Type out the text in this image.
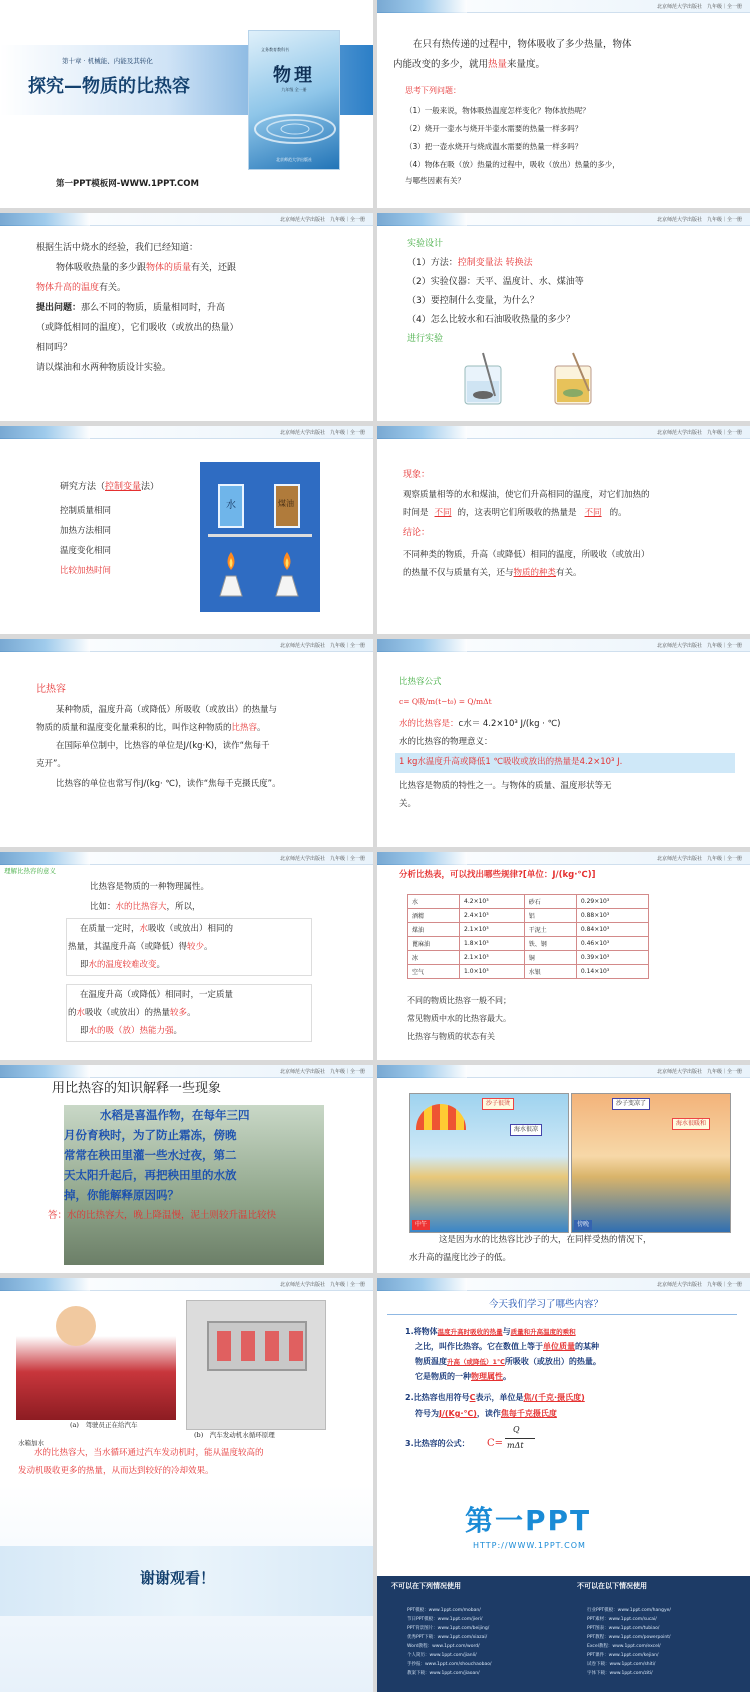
第十章 · 机械能、内能及其转化
探究—物质的比热容
义务教育教科书
物理
九年级 全一册
北京师范大学出版社
第一PPT模板网-WWW.1PPT.COM
北京师范大学出版社　九年级｜全一册
在只有热传递的过程中，物体吸收了多少热量，物体
内能改变的多少，就用热量来量度。
思考下列问题：
（1）一般来说，物体吸热温度怎样变化？物体放热呢？
（2）烧开一壶水与烧开半壶水需要的热量一样多吗？
（3）把一壶水烧开与烧成温水需要的热量一样多吗？
（4）物体在吸（放）热量的过程中，吸收（放出）热量的多少，
与哪些因素有关？
北京师范大学出版社　九年级｜全一册
根据生活中烧水的经验，我们已经知道：
物体吸收热量的多少跟物体的质量有关，还跟
物体升高的温度有关。
提出问题：那么不同的物质，质量相同时，升高
（或降低相同的温度），它们吸收（或放出的热量）
相同吗？
请以煤油和水两种物质设计实验。
北京师范大学出版社　九年级｜全一册
实验设计
（1）方法：控制变量法 转换法
（2）实验仪器：天平、温度计、水、煤油等
（3）要控制什么变量，为什么？
（4）怎么比较水和石油吸收热量的多少？
进行实验
北京师范大学出版社　九年级｜全一册
研究方法（控制变量法）
控制质量相同
加热方法相同
温度变化相同
比较加热时间
水	煤油
北京师范大学出版社　九年级｜全一册
现象：
观察质量相等的水和煤油，使它们升高相同的温度，对它们加热的
时间是 不同 的，这表明它们所吸收的热量是 不同 的。
结论：
不同种类的物质，升高（或降低）相同的温度，所吸收（或放出）
的热量不仅与质量有关，还与物质的种类有关。
北京师范大学出版社　九年级｜全一册
比热容
某种物质，温度升高（或降低）所吸收（或放出）的热量与
物质的质量和温度变化量乘积的比，叫作这种物质的比热容。
在国际单位制中，比热容的单位是J/(kg·K)，读作“焦每千
克开”。
比热容的单位也常写作J/(kg· ℃)，读作“焦每千克摄氏度”。
北京师范大学出版社　九年级｜全一册
比热容公式
c= Q吸/m(t−t₀) = Q/mΔt
水的比热容是：c水＝ 4.2×10³ J/(kg · ℃)
水的比热容的物理意义：
1 kg水温度升高或降低1 ℃吸收或放出的热量是4.2×10³ J.
比热容是物质的特性之一。与物体的质量、温度形状等无
关。
北京师范大学出版社　九年级｜全一册
理解比热容的意义
比热容是物质的一种物理属性。
比如：水的比热容大，所以，
在质量一定时，水吸收（或放出）相同的
热量，其温度升高（或降低）得较少。
即水的温度较难改变。
在温度升高（或降低）相同时，一定质量
的水吸收（或放出）的热量较多。
即水的吸（放）热能力强。
北京师范大学出版社　九年级｜全一册
分析比热表，可以找出哪些规律?[单位：J/(kg·℃)]
水	4.2×10³	砂石	0.29×10³
酒精	2.4×10³	铝	0.88×10³
煤油	2.1×10³	干泥土	0.84×10³
蓖麻油	1.8×10³	铁、钢	0.46×10³
冰	2.1×10³	铜	0.39×10³
空气	1.0×10³	水银	0.14×10³
不同的物质比热容一般不同；
常见物质中水的比热容最大。
比热容与物质的状态有关
北京师范大学出版社　九年级｜全一册
用比热容的知识解释一些现象
水稻是喜温作物，在每年三四
月份育秧时，为了防止霜冻，傍晚
常常在秧田里灌一些水过夜，第二
天太阳升起后，再把秧田里的水放
掉，你能解释原因吗？
答：水的比热容大，晚上降温慢，泥土则较升温比较快
北京师范大学出版社　九年级｜全一册
沙子很烫
海水很凉
中午
沙子变凉了
海水很暖和
傍晚
这是因为水的比热容比沙子的大，在同样受热的情况下，
水升高的温度比沙子的低。
北京师范大学出版社　九年级｜全一册
(a)　驾驶员正在给汽车
水箱加水
(b)　汽车发动机水循环原理
水的比热容大，当水循环通过汽车发动机时，能从温度较高的
发动机吸收更多的热量，从而达到较好的冷却效果。
北京师范大学出版社　九年级｜全一册
今天我们学习了哪些内容？
1.将物体温度升高时吸收的热量与质量和升高温度的乘积
之比，叫作比热容。它在数值上等于单位质量的某种
物质温度升高（或降低）1℃所吸收（或放出）的热量。
它是物质的一种物理属性。
2.比热容也用符号C表示，单位是焦/(千克·摄氏度)
符号为J/(Kg·℃)，读作焦每千克摄氏度
3.比热容的公式： C=
Q
mΔt
谢谢观看！
第一PPT
HTTP://WWW.1PPT.COM
不可以在下列情况使用	不可以在以下情况使用
PPT模板：www.1ppt.com/moban/
节日PPT模板：www.1ppt.com/jieri/
PPT背景图片：www.1ppt.com/beijing/
优秀PPT下载：www.1ppt.com/xiazai/
Word教程：www.1ppt.com/word/
个人简历：www.1ppt.com/jianli/
手抄报：www.1ppt.com/shouchaobao/
教案下载：www.1ppt.com/jiaoan/
行业PPT模板：www.1ppt.com/hangye/
PPT素材：www.1ppt.com/sucai/
PPT图表：www.1ppt.com/tubiao/
PPT教程：www.1ppt.com/powerpoint/
Excel教程：www.1ppt.com/excel/
PPT课件：www.1ppt.com/kejian/
试卷下载：www.1ppt.com/shiti/
字体下载：www.1ppt.com/ziti/
